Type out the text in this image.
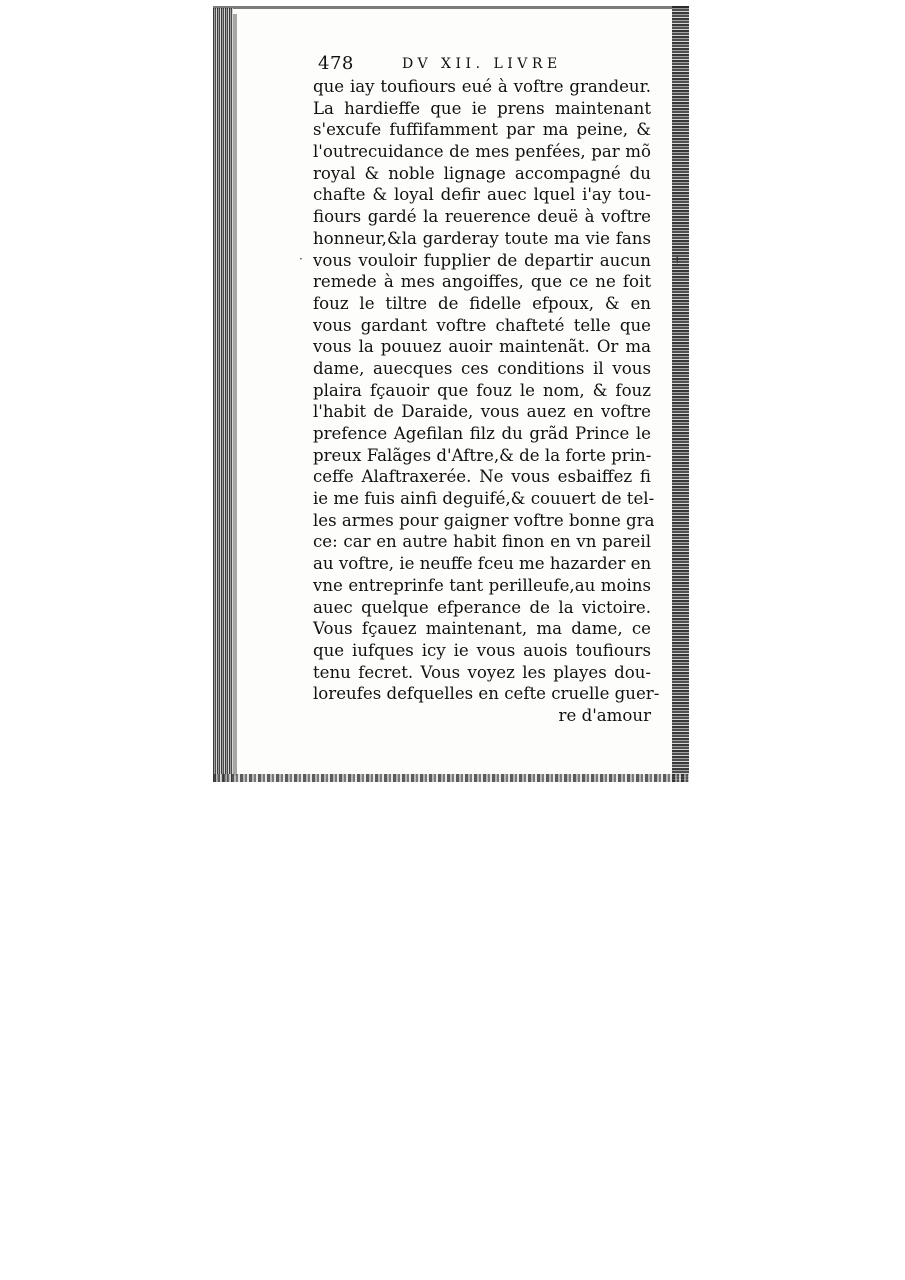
478	DV XII. LIVRE
·	⁝
que iay toufiours eué à voftre grandeur.
La hardieffe que ie prens maintenant
s'excufe fuffifamment par ma peine, &
l'outrecuidance de mes penfées, par mõ
royal & noble lignage accompagné du
chafte & loyal defir auec lquel i'ay tou-
fiours gardé la reuerence deuë à voftre
honneur,&la garderay toute ma vie fans
vous vouloir fupplier de departir aucun
remede à mes angoiffes, que ce ne foit
fouz le tiltre de fidelle efpoux, & en
vous gardant voftre chafteté telle que
vous la pouuez auoir maintenãt. Or ma
dame, auecques ces conditions il vous
plaira fçauoir que fouz le nom, & fouz
l'habit de Daraide, vous auez en voftre
prefence Agefilan filz du grãd Prince le
preux Falãges d'Aftre,& de la forte prin-
ceffe Alaftraxerée. Ne vous esbaiffez fi
ie me fuis ainfi deguifé,& couuert de tel-
les armes pour gaigner voftre bonne gra
ce: car en autre habit finon en vn pareil
au voftre, ie neuffe fceu me hazarder en
vne entreprinfe tant perilleufe,au moins
auec quelque efperance de la victoire.
Vous fçauez maintenant, ma dame, ce
que iufques icy ie vous auois toufiours
tenu fecret. Vous voyez les playes dou-
loreufes defquelles en cefte cruelle guer-
re d'amour
